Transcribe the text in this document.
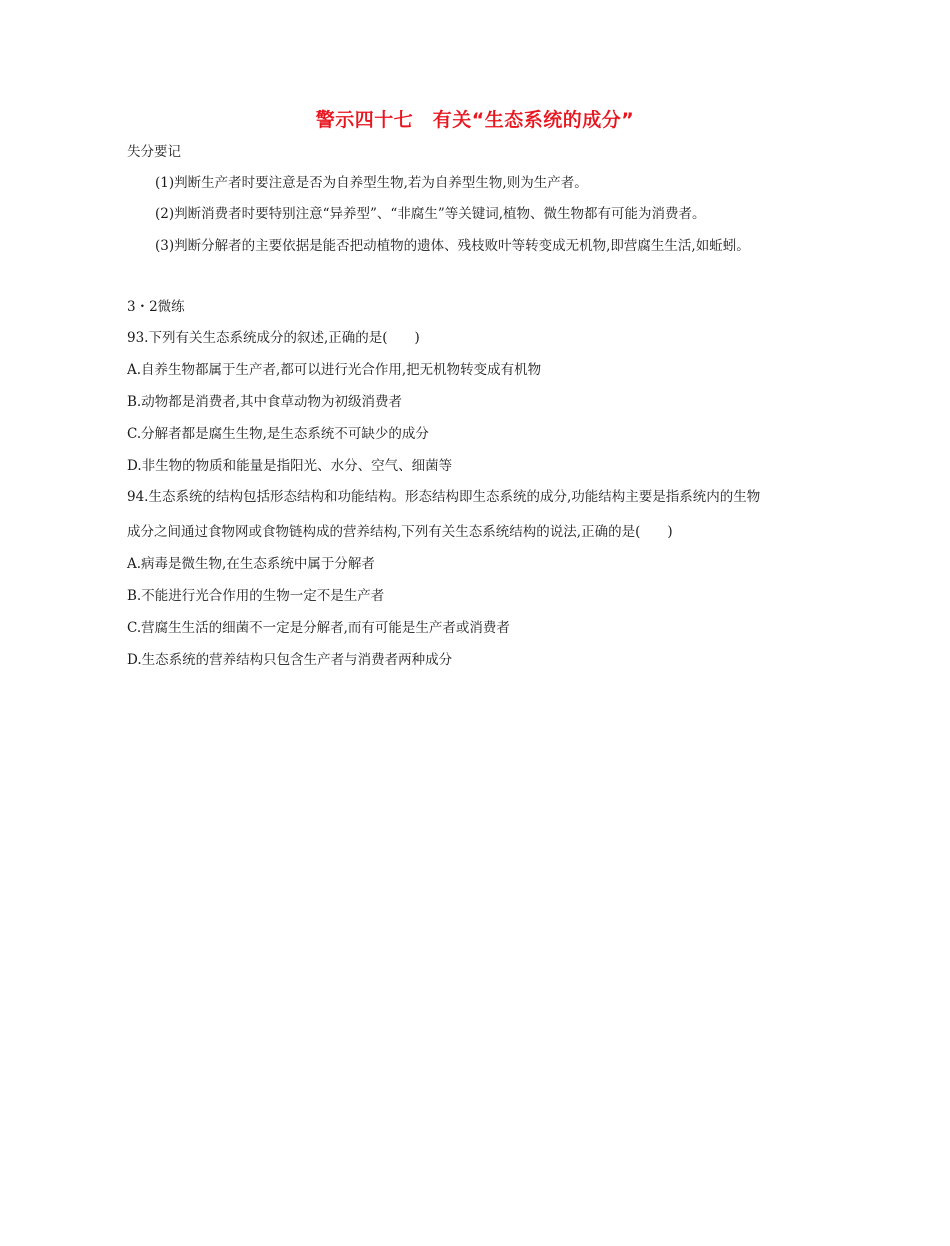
警示四十七　有关“生态系统的成分”
失分要记
(1)判断生产者时要注意是否为自养型生物,若为自养型生物,则为生产者。
(2)判断消费者时要特别注意“异养型”、“非腐生”等关键词,植物、微生物都有可能为消费者。
(3)判断分解者的主要依据是能否把动植物的遗体、残枝败叶等转变成无机物,即营腐生生活,如蚯蚓。
3・2微练
93.下列有关生态系统成分的叙述,正确的是(　　)
A.自养生物都属于生产者,都可以进行光合作用,把无机物转变成有机物
B.动物都是消费者,其中食草动物为初级消费者
C.分解者都是腐生生物,是生态系统不可缺少的成分
D.非生物的物质和能量是指阳光、水分、空气、细菌等
94.生态系统的结构包括形态结构和功能结构。形态结构即生态系统的成分,功能结构主要是指系统内的生物
成分之间通过食物网或食物链构成的营养结构,下列有关生态系统结构的说法,正确的是(　　)
A.病毒是微生物,在生态系统中属于分解者
B.不能进行光合作用的生物一定不是生产者
C.营腐生生活的细菌不一定是分解者,而有可能是生产者或消费者
D.生态系统的营养结构只包含生产者与消费者两种成分
